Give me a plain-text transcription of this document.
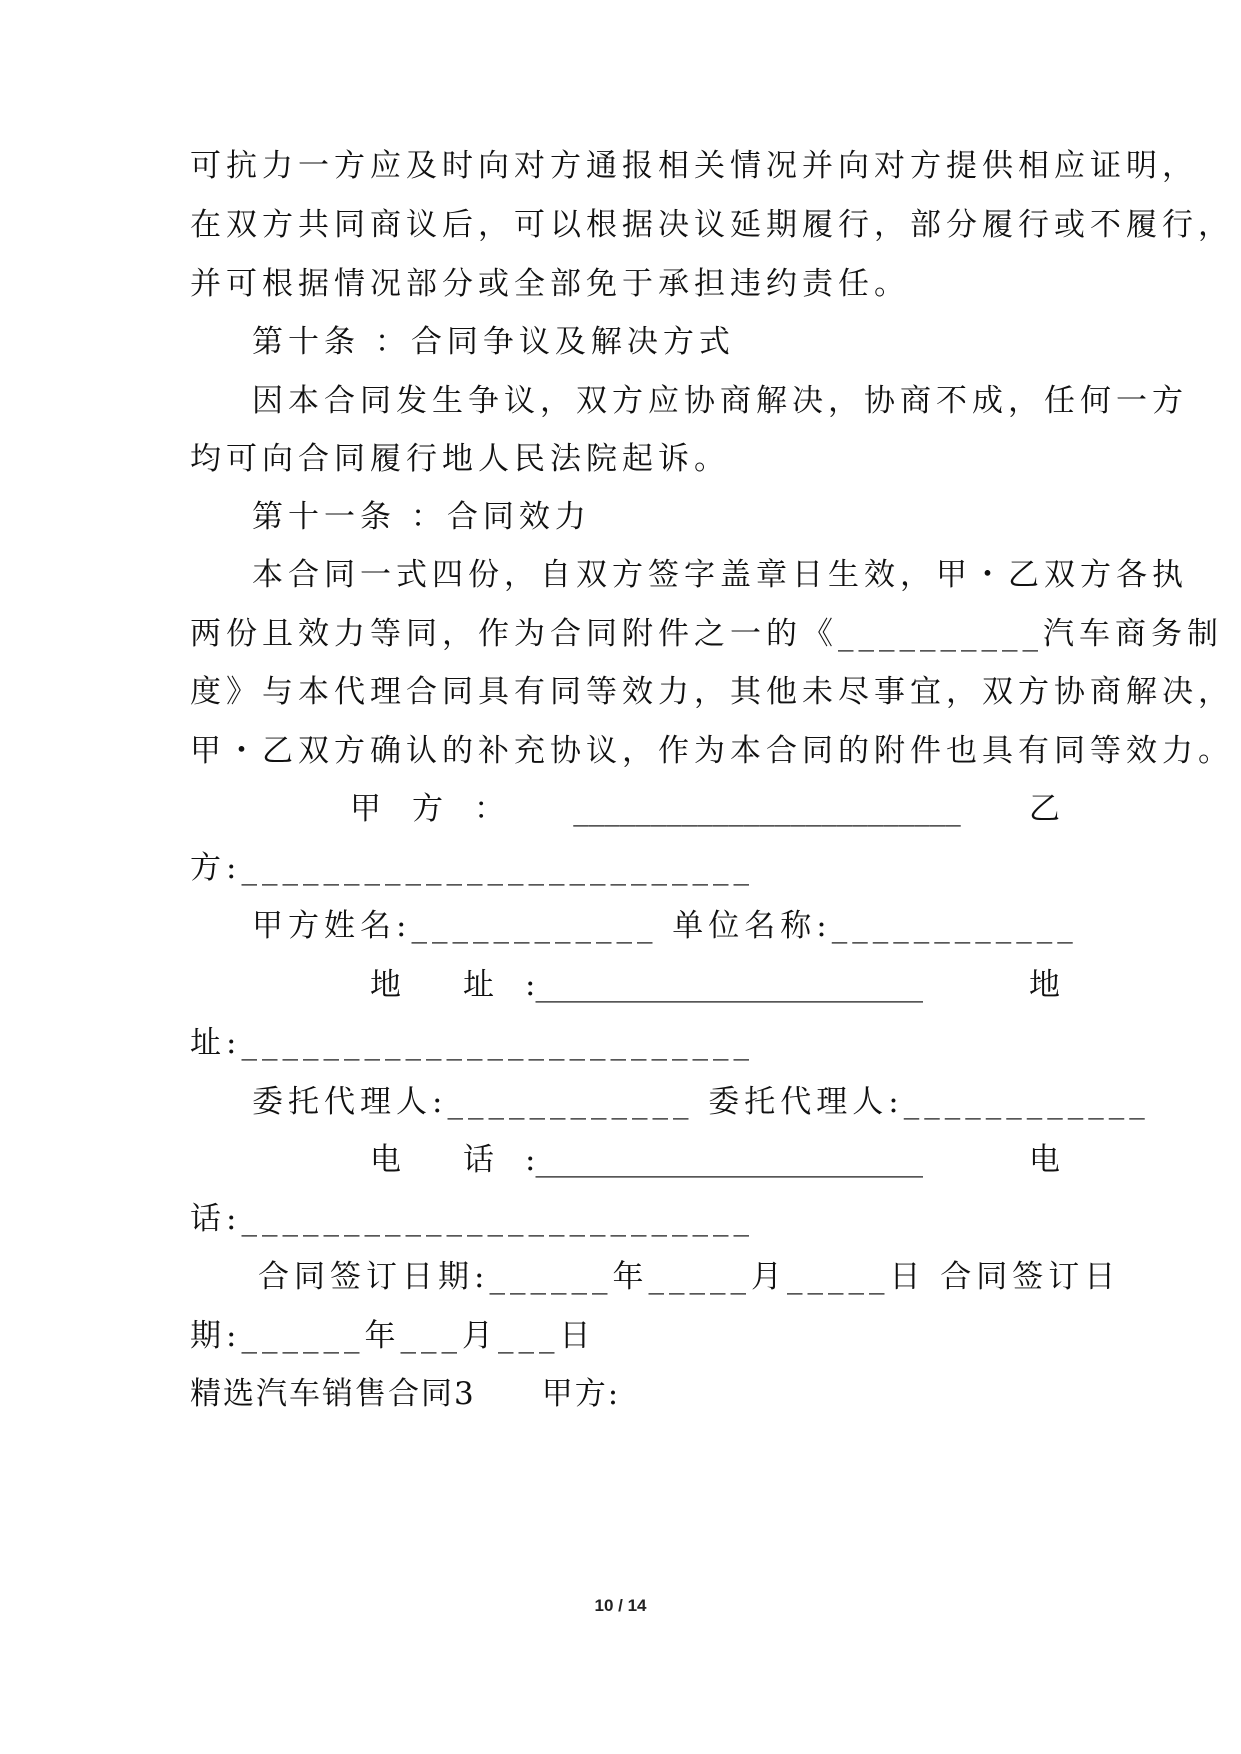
可抗力一方应及时向对方通报相关情况并向对方提供相应证明，
在双方共同商议后，可以根据决议延期履行，部分履行或不履行，
并可根据情况部分或全部免于承担违约责任。
第十条 ：合同争议及解决方式
因本合同发生争议，双方应协商解决，协商不成，任何一方
均可向合同履行地人民法院起诉。
第十一条 ：合同效力
本合同一式四份，自双方签字盖章日生效，甲・乙双方各执
两份且效力等同，作为合同附件之一的《__________汽车商务制
度》与本代理合同具有同等效力，其他未尽事宜，双方协商解决，
甲・乙双方确认的补充协议，作为本合同的附件也具有同等效力。
甲　方　： _________________________ 乙
方:_________________________
甲方姓名:____________ 单位名称:____________
地　　址　:_________________________	地
址:_________________________
委托代理人:____________ 委托代理人:____________
电　　话　:_________________________	电
话:_________________________
合同签订日期:______年_____月_____日 合同签订日
期:______年___月___日
精选汽车销售合同3　　甲方:
10 / 14
